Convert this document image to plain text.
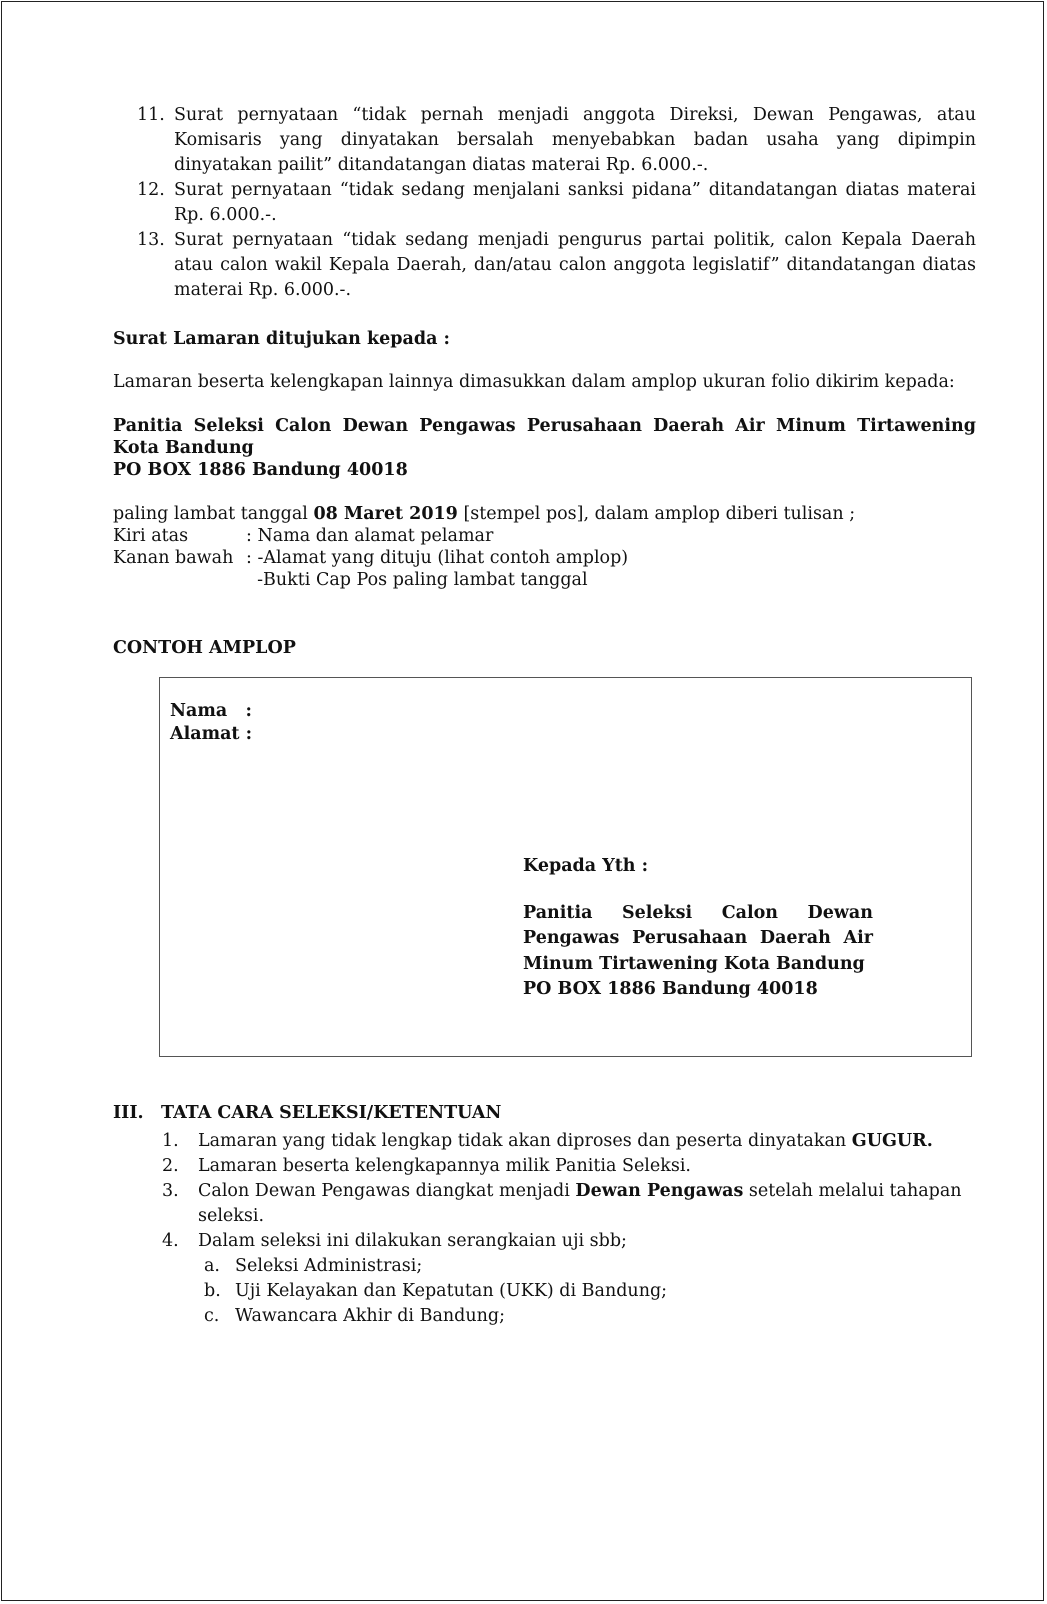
11. Surat pernyataan “tidak pernah menjadi anggota Direksi, Dewan Pengawas, atau Komisaris yang dinyatakan bersalah menyebabkan badan usaha yang dipimpin dinyatakan pailit” ditandatangan diatas materai Rp. 6.000.-.
12. Surat pernyataan “tidak sedang menjalani sanksi pidana” ditandatangan diatas materai Rp. 6.000.-.
13. Surat pernyataan “tidak sedang menjadi pengurus partai politik, calon Kepala Daerah atau calon wakil Kepala Daerah, dan/atau calon anggota legislatif” ditandatangan diatas materai Rp. 6.000.-.
Surat Lamaran ditujukan kepada :
Lamaran beserta kelengkapan lainnya dimasukkan dalam amplop ukuran folio dikirim kepada:
Panitia Seleksi Calon Dewan Pengawas Perusahaan Daerah Air Minum Tirtawening Kota Bandung
PO BOX 1886 Bandung 40018
paling lambat tanggal 08 Maret 2019 [stempel pos], dalam amplop diberi tulisan ;
Kiri atas	: Nama dan alamat pelamar
Kanan bawah : -Alamat yang dituju (lihat contoh amplop)
-Bukti Cap Pos paling lambat tanggal
CONTOH AMPLOP
Nama   :
Alamat :
Kepada Yth :
Panitia Seleksi Calon Dewan
Pengawas Perusahaan Daerah Air
Minum Tirtawening Kota Bandung
PO BOX 1886 Bandung 40018
III. TATA CARA SELEKSI/KETENTUAN
1. Lamaran yang tidak lengkap tidak akan diproses dan peserta dinyatakan GUGUR.
2. Lamaran beserta kelengkapannya milik Panitia Seleksi.
3. Calon Dewan Pengawas diangkat menjadi Dewan Pengawas setelah melalui tahapan seleksi.
4. Dalam seleksi ini dilakukan serangkaian uji sbb;
a. Seleksi Administrasi;
b. Uji Kelayakan dan Kepatutan (UKK) di Bandung;
c. Wawancara Akhir di Bandung;
